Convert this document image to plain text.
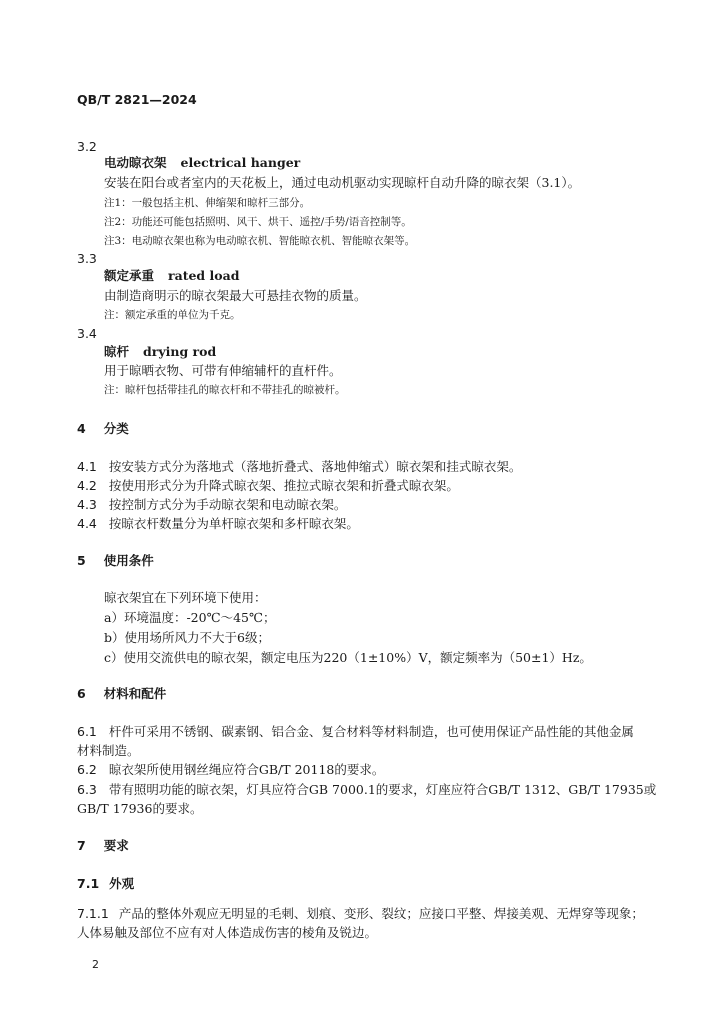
QB/T 2821—2024
3.2
电动晾衣架 electrical hanger
安装在阳台或者室内的天花板上，通过电动机驱动实现晾杆自动升降的晾衣架（3.1）。
注1：一般包括主机、伸缩架和晾杆三部分。
注2：功能还可能包括照明、风干、烘干、遥控/手势/语音控制等。
注3：电动晾衣架也称为电动晾衣机、智能晾衣机、智能晾衣架等。
3.3
额定承重 rated load
由制造商明示的晾衣架最大可悬挂衣物的质量。
注：额定承重的单位为千克。
3.4
晾杆 drying rod
用于晾晒衣物、可带有伸缩辅杆的直杆件。
注：晾杆包括带挂孔的晾衣杆和不带挂孔的晾被杆。
4 分类
4.1 按安装方式分为落地式（落地折叠式、落地伸缩式）晾衣架和挂式晾衣架。
4.2 按使用形式分为升降式晾衣架、推拉式晾衣架和折叠式晾衣架。
4.3 按控制方式分为手动晾衣架和电动晾衣架。
4.4 按晾衣杆数量分为单杆晾衣架和多杆晾衣架。
5 使用条件
晾衣架宜在下列环境下使用：
a）环境温度：-20℃～45℃；
b）使用场所风力不大于6级；
c）使用交流供电的晾衣架，额定电压为220（1±10%）V，额定频率为（50±1）Hz。
6 材料和配件
6.1 杆件可采用不锈钢、碳素钢、铝合金、复合材料等材料制造，也可使用保证产品性能的其他金属
材料制造。
6.2 晾衣架所使用钢丝绳应符合GB/T 20118的要求。
6.3 带有照明功能的晾衣架，灯具应符合GB 7000.1的要求，灯座应符合GB/T 1312、GB/T 17935或
GB/T 17936的要求。
7 要求
7.1 外观
7.1.1 产品的整体外观应无明显的毛刺、划痕、变形、裂纹；应接口平整、焊接美观、无焊穿等现象；
人体易触及部位不应有对人体造成伤害的棱角及锐边。
2
